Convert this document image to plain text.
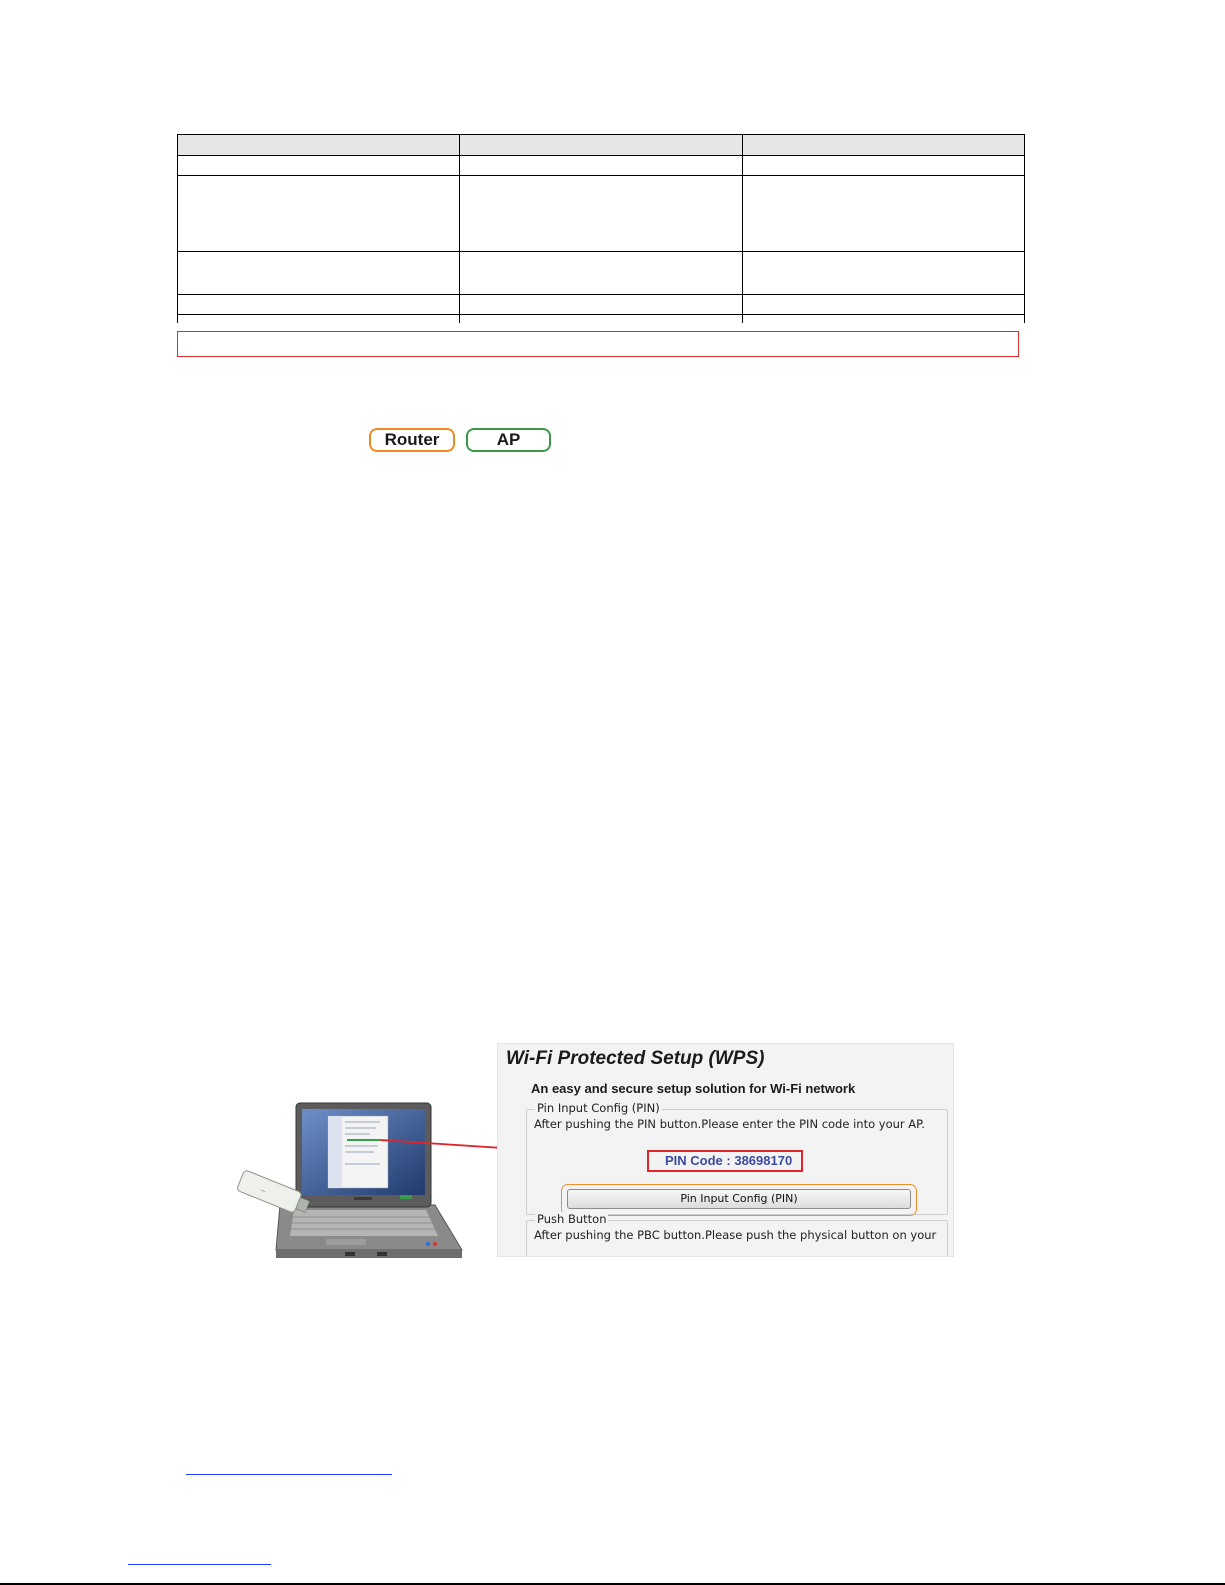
Router	AP
~
Wi-Fi Protected Setup (WPS)
An easy and secure setup solution for Wi-Fi network
Pin Input Config (PIN)
After pushing the PIN button.Please enter the PIN code into your AP.
PIN Code : 38698170
Pin Input Config (PIN)
Push Button
After pushing the PBC button.Please push the physical button on your
